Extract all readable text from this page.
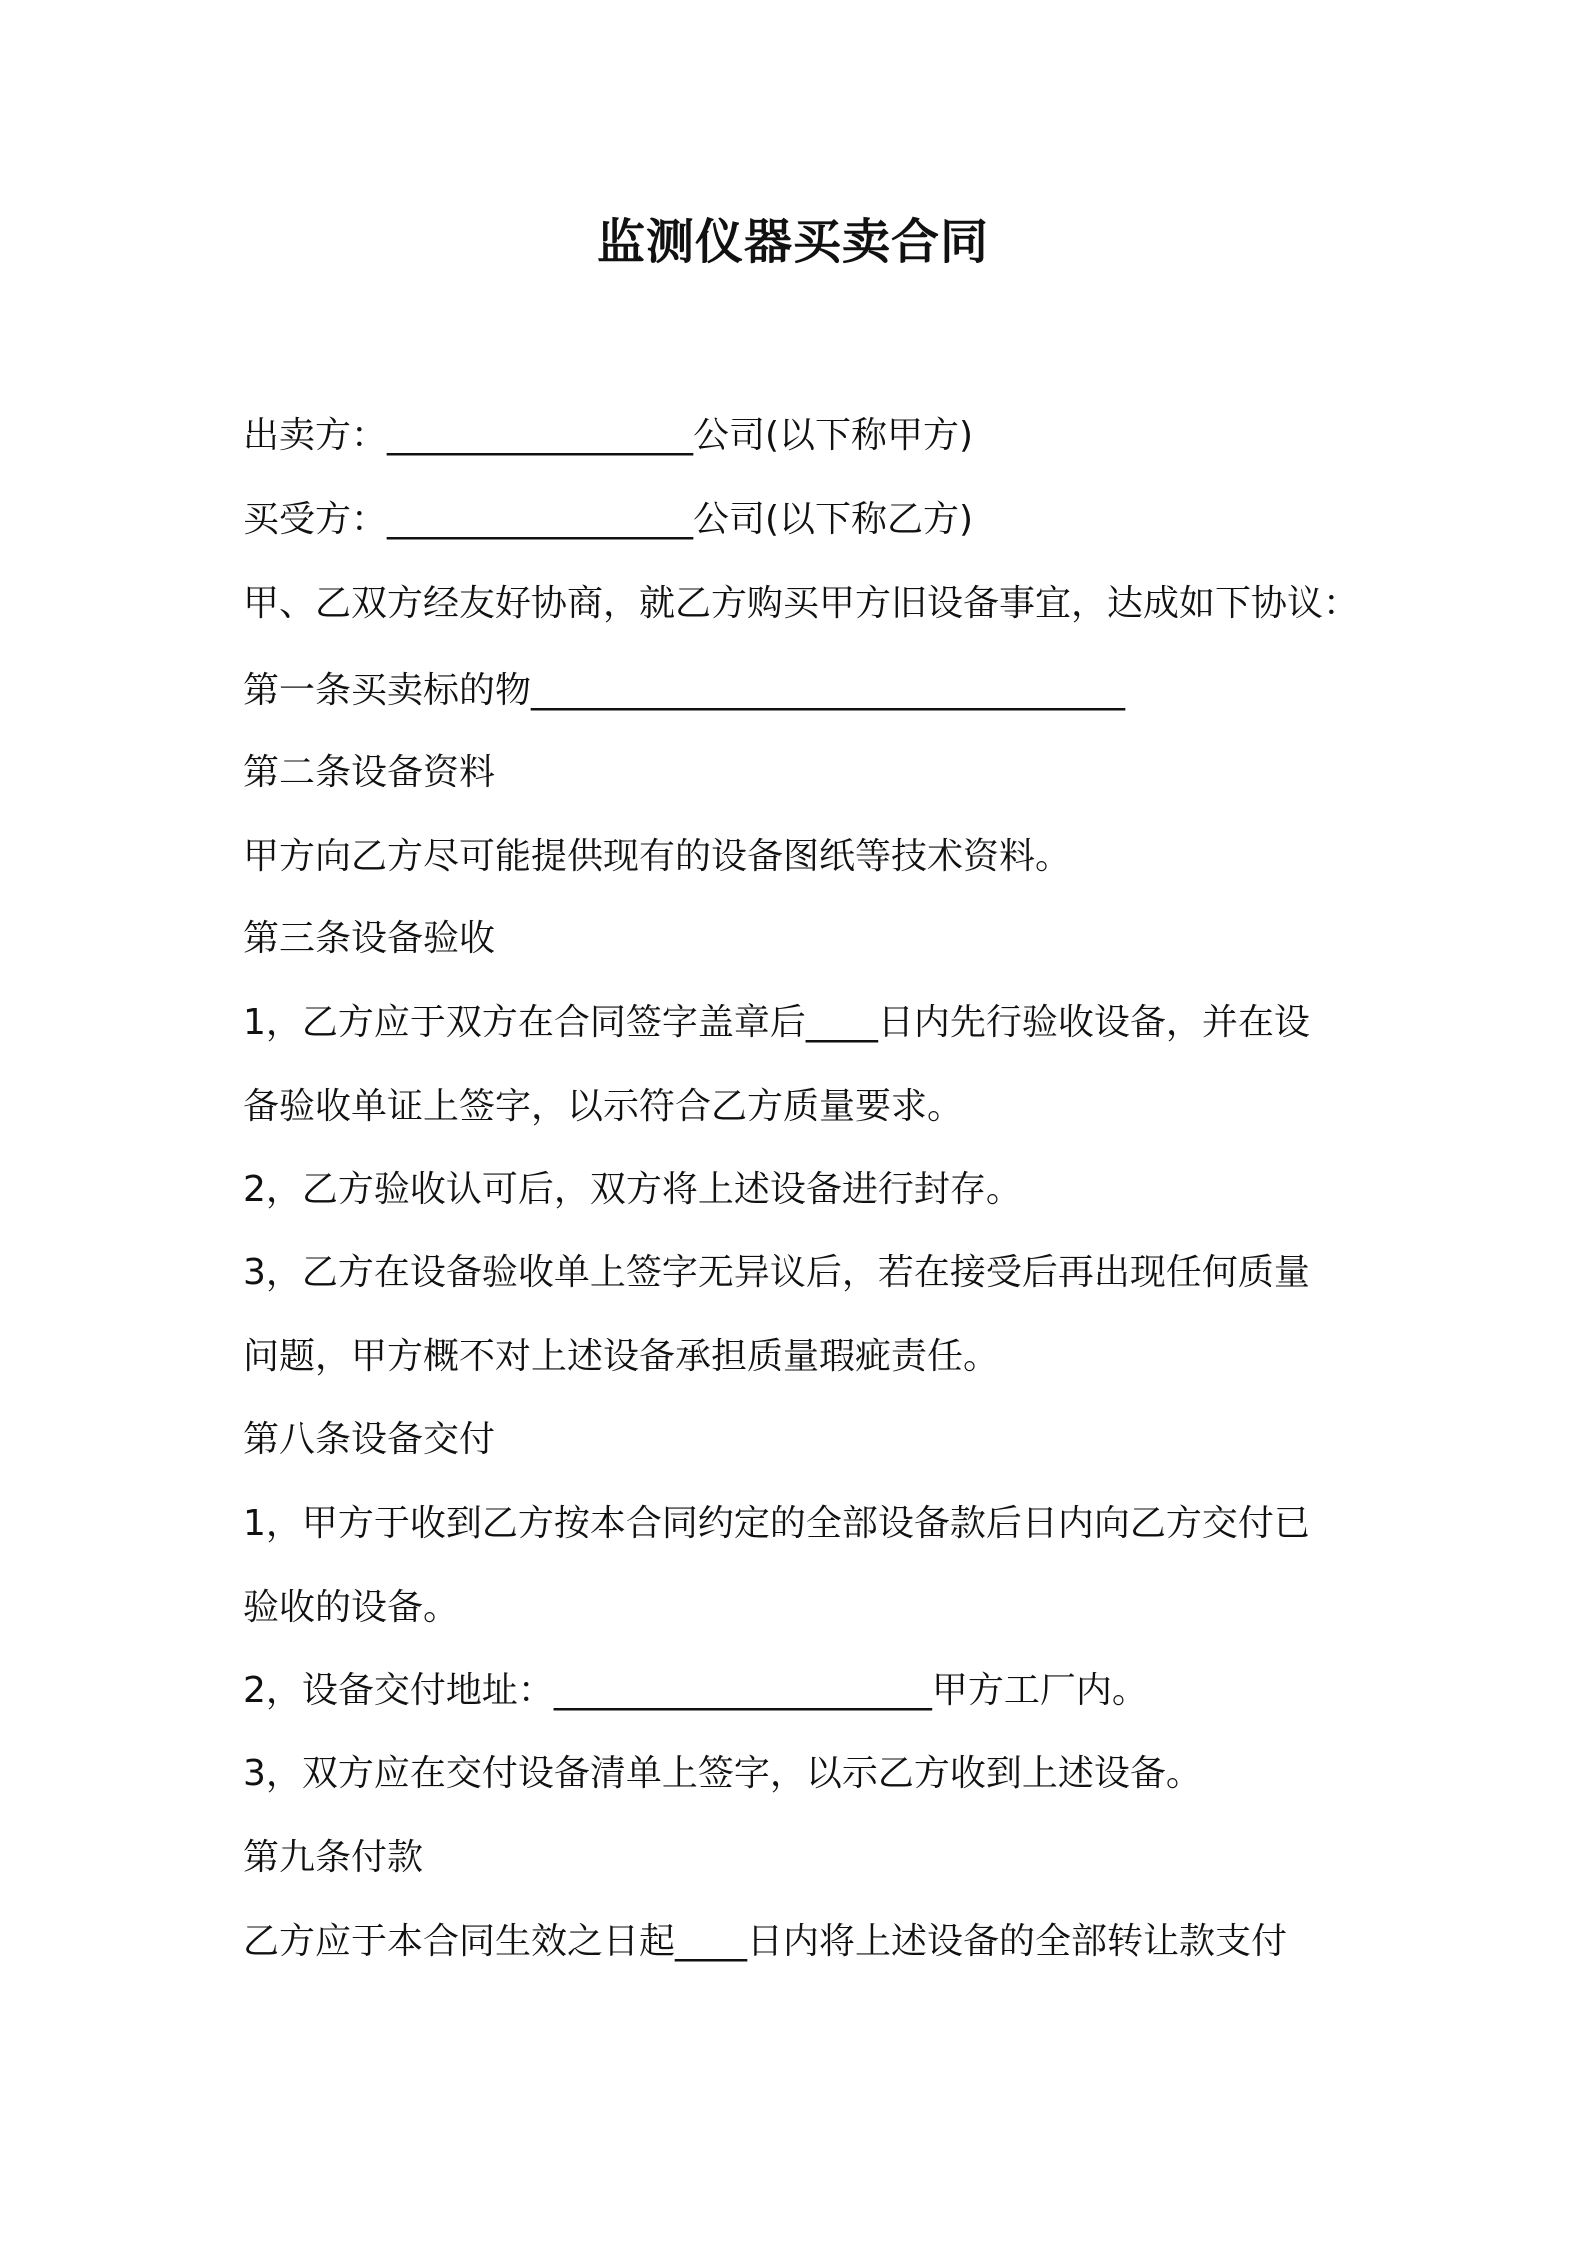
监测仪器买卖合同

出卖方：_________________公司(以下称甲方)

买受方：_________________公司(以下称乙方)

甲、乙双方经友好协商，就乙方购买甲方旧设备事宜，达成如下协议：

第一条买卖标的物_________________________________

第二条设备资料

甲方向乙方尽可能提供现有的设备图纸等技术资料。

第三条设备验收

1，乙方应于双方在合同签字盖章后____日内先行验收设备，并在设

备验收单证上签字，以示符合乙方质量要求。

2，乙方验收认可后，双方将上述设备进行封存。

3，乙方在设备验收单上签字无异议后，若在接受后再出现任何质量

问题，甲方概不对上述设备承担质量瑕疵责任。

第八条设备交付

1，甲方于收到乙方按本合同约定的全部设备款后日内向乙方交付已

验收的设备。

2，设备交付地址：_____________________甲方工厂内。

3，双方应在交付设备清单上签字，以示乙方收到上述设备。

第九条付款

乙方应于本合同生效之日起____日内将上述设备的全部转让款支付
